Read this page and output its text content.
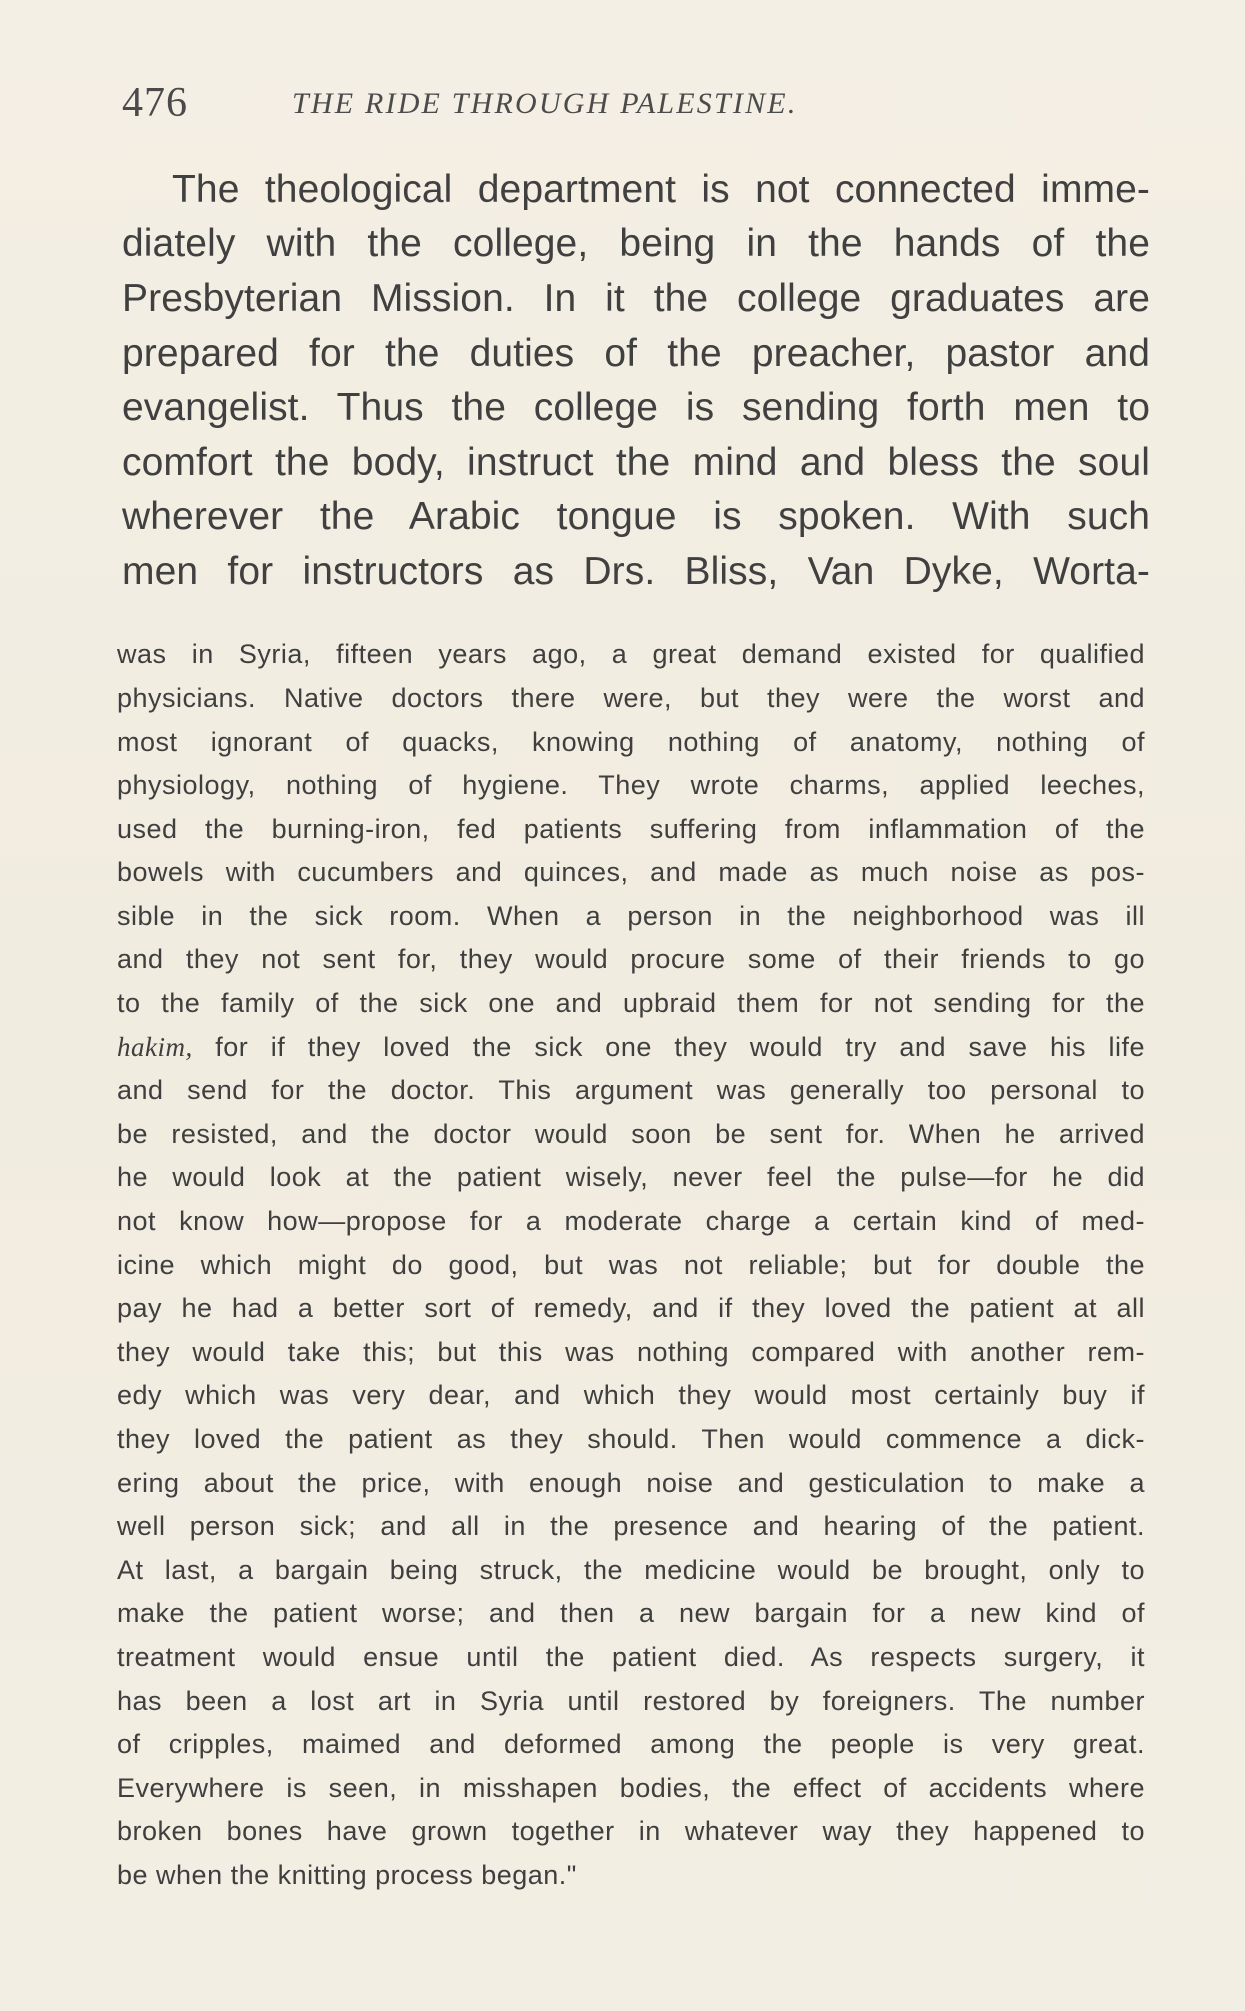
476	THE RIDE THROUGH PALESTINE.
The theological department is not connected imme-
diately with the college, being in the hands of the
Presbyterian Mission. In it the college graduates are
prepared for the duties of the preacher, pastor and
evangelist. Thus the college is sending forth men to
comfort the body, instruct the mind and bless the soul
wherever the Arabic tongue is spoken. With such
men for instructors as Drs. Bliss, Van Dyke, Worta-
was in Syria, fifteen years ago, a great demand existed for qualified
physicians. Native doctors there were, but they were the worst and
most ignorant of quacks, knowing nothing of anatomy, nothing of
physiology, nothing of hygiene. They wrote charms, applied leeches,
used the burning-iron, fed patients suffering from inflammation of the
bowels with cucumbers and quinces, and made as much noise as pos-
sible in the sick room. When a person in the neighborhood was ill
and they not sent for, they would procure some of their friends to go
to the family of the sick one and upbraid them for not sending for the
hakim, for if they loved the sick one they would try and save his life
and send for the doctor. This argument was generally too personal to
be resisted, and the doctor would soon be sent for. When he arrived
he would look at the patient wisely, never feel the pulse—for he did
not know how—propose for a moderate charge a certain kind of med-
icine which might do good, but was not reliable; but for double the
pay he had a better sort of remedy, and if they loved the patient at all
they would take this; but this was nothing compared with another rem-
edy which was very dear, and which they would most certainly buy if
they loved the patient as they should. Then would commence a dick-
ering about the price, with enough noise and gesticulation to make a
well person sick; and all in the presence and hearing of the patient.
At last, a bargain being struck, the medicine would be brought, only to
make the patient worse; and then a new bargain for a new kind of
treatment would ensue until the patient died. As respects surgery, it
has been a lost art in Syria until restored by foreigners. The number
of cripples, maimed and deformed among the people is very great.
Everywhere is seen, in misshapen bodies, the effect of accidents where
broken bones have grown together in whatever way they happened to
be when the knitting process began."
